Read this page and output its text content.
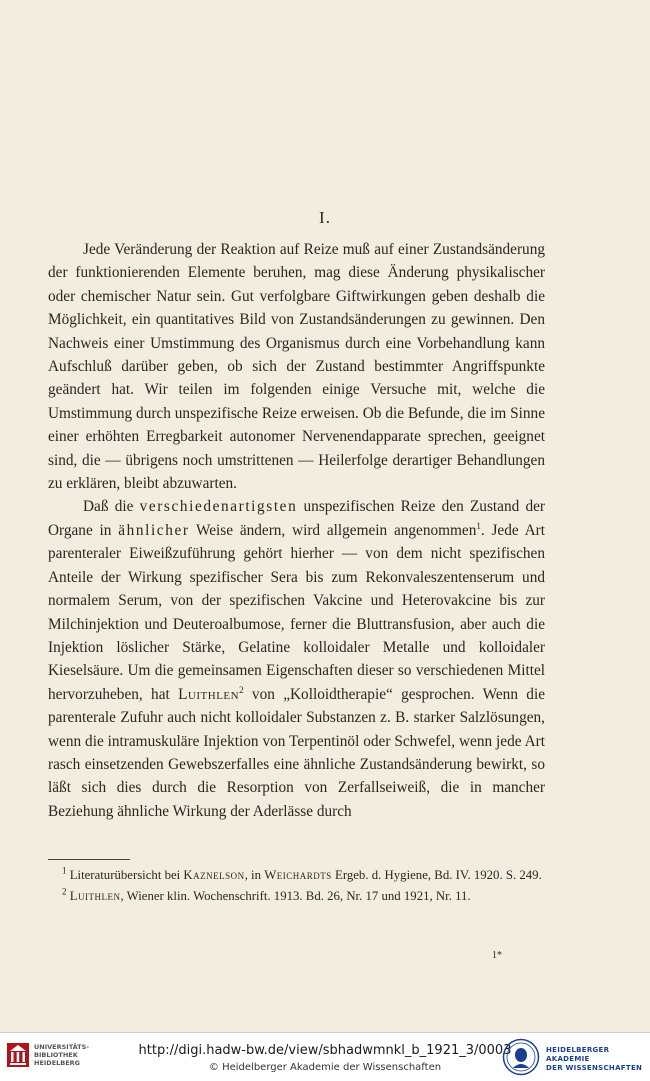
I.

Jede Veränderung der Reaktion auf Reize muß auf einer Zustandsänderung der funktionierenden Elemente beruhen, mag diese Änderung physikalischer oder chemischer Natur sein. Gut verfolgbare Giftwirkungen geben deshalb die Möglichkeit, ein quantitatives Bild von Zustandsänderungen zu gewinnen. Den Nachweis einer Umstimmung des Organismus durch eine Vorbehandlung kann Aufschluß darüber geben, ob sich der Zustand bestimmter Angriffspunkte geändert hat. Wir teilen im folgenden einige Versuche mit, welche die Umstimmung durch unspezifische Reize erweisen. Ob die Befunde, die im Sinne einer erhöhten Erregbarkeit autonomer Nervenendapparate sprechen, geeignet sind, die — übrigens noch umstrittenen — Heilerfolge derartiger Behandlungen zu erklären, bleibt abzuwarten.

Daß die verschiedenartigsten unspezifischen Reize den Zustand der Organe in ähnlicher Weise ändern, wird allgemein angenommen$^1$. Jede Art parenteraler Eiweißzuführung gehört hierher — von dem nicht spezifischen Anteile der Wirkung spezifischer Sera bis zum Rekonvaleszentenserum und normalem Serum, von der spezifischen Vakcine und Heterovakcine bis zur Milchinjektion und Deuteroalbumose, ferner die Bluttransfusion, aber auch die Injektion löslicher Stärke, Gelatine kolloidaler Metalle und kolloidaler Kieselsäure. Um die gemeinsamen Eigenschaften dieser so verschiedenen Mittel hervorzuheben, hat Luithlen$^2$ von „Kolloidtherapie“ gesprochen. Wenn die parenterale Zufuhr auch nicht kolloidaler Substanzen z. B. starker Salzlösungen, wenn die intramuskuläre Injektion von Terpentinöl oder Schwefel, wenn jede Art rasch einsetzenden Gewebszerfalles eine ähnliche Zustandsänderung bewirkt, so läßt sich dies durch die Resorption von Zerfallseiweiß, die in mancher Beziehung ähnliche Wirkung der Aderlässe durch

$^1$ Literaturübersicht bei Kaznelson, in Weichardts Ergeb. d. Hygiene, Bd. IV. 1920. S. 249.

$^2$ Luithlen, Wiener klin. Wochenschrift. 1913. Bd. 26, Nr. 17 und 1921, Nr. 11.

1*
UNIVERSITÄTS-
BIBLIOTHEK
HEIDELBERG
http://digi.hadw-bw.de/view/sbhadwmnkl_b_1921_3/0003
© Heidelberger Akademie der Wissenschaften
HEIDELBERGER AKADEMIE
DER WISSENSCHAFTEN
